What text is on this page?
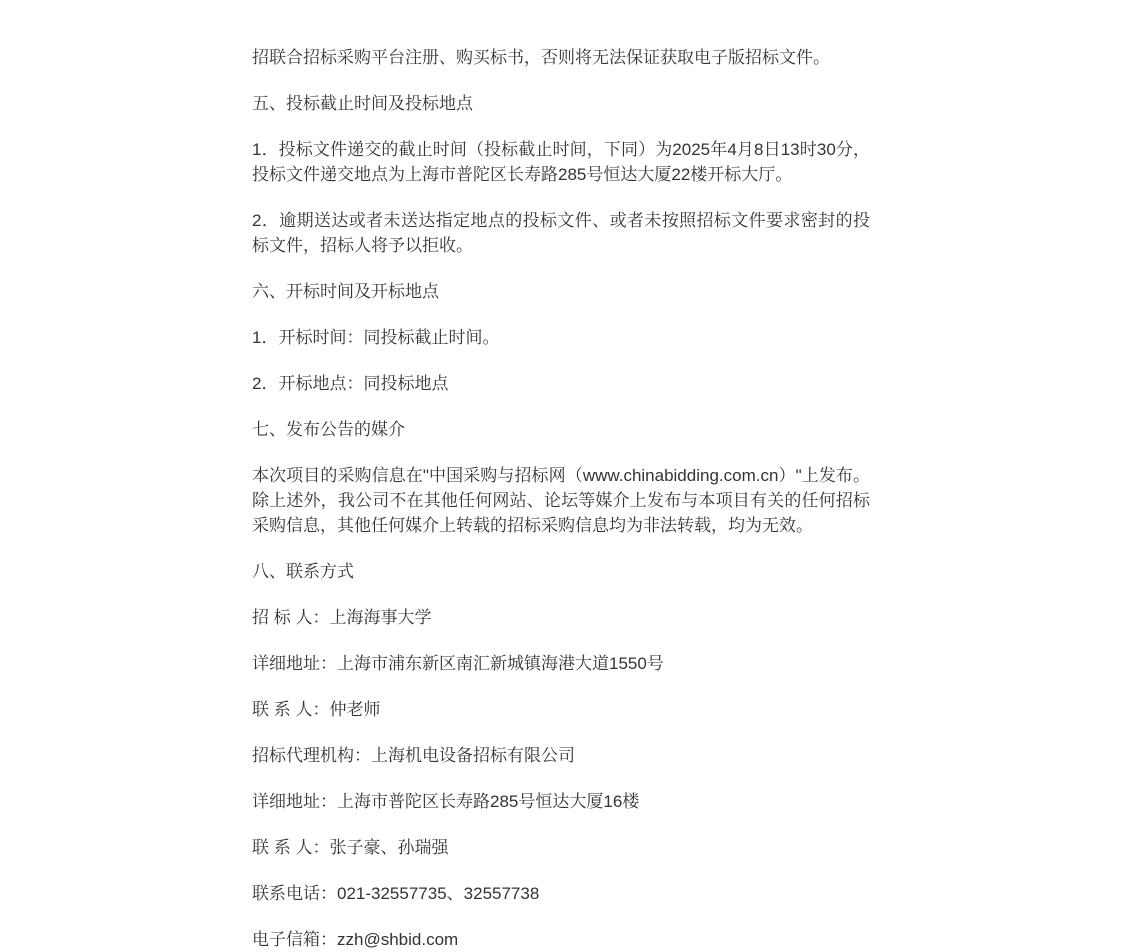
招联合招标采购平台注册、购买标书，否则将无法保证获取电子版招标文件。

五、投标截止时间及投标地点

1．投标文件递交的截止时间（投标截止时间，下同）为2025年4月8日13时30分，投标文件递交地点为上海市普陀区长寿路285号恒达大厦22楼开标大厅。

2．逾期送达或者未送达指定地点的投标文件、或者未按照招标文件要求密封的投标文件，招标人将予以拒收。

六、开标时间及开标地点

1．开标时间：同投标截止时间。

2．开标地点：同投标地点

七、发布公告的媒介

本次项目的采购信息在"中国采购与招标网（www.chinabidding.com.cn）"上发布。除上述外，我公司不在其他任何网站、论坛等媒介上发布与本项目有关的任何招标采购信息，其他任何媒介上转载的招标采购信息均为非法转载，均为无效。

八、联系方式

招 标 人：上海海事大学

详细地址：上海市浦东新区南汇新城镇海港大道1550号

联 系 人：仲老师

招标代理机构：上海机电设备招标有限公司

详细地址：上海市普陀区长寿路285号恒达大厦16楼

联 系 人：张子豪、孙瑞强

联系电话：021-32557735、32557738

电子信箱：zzh@shbid.com
